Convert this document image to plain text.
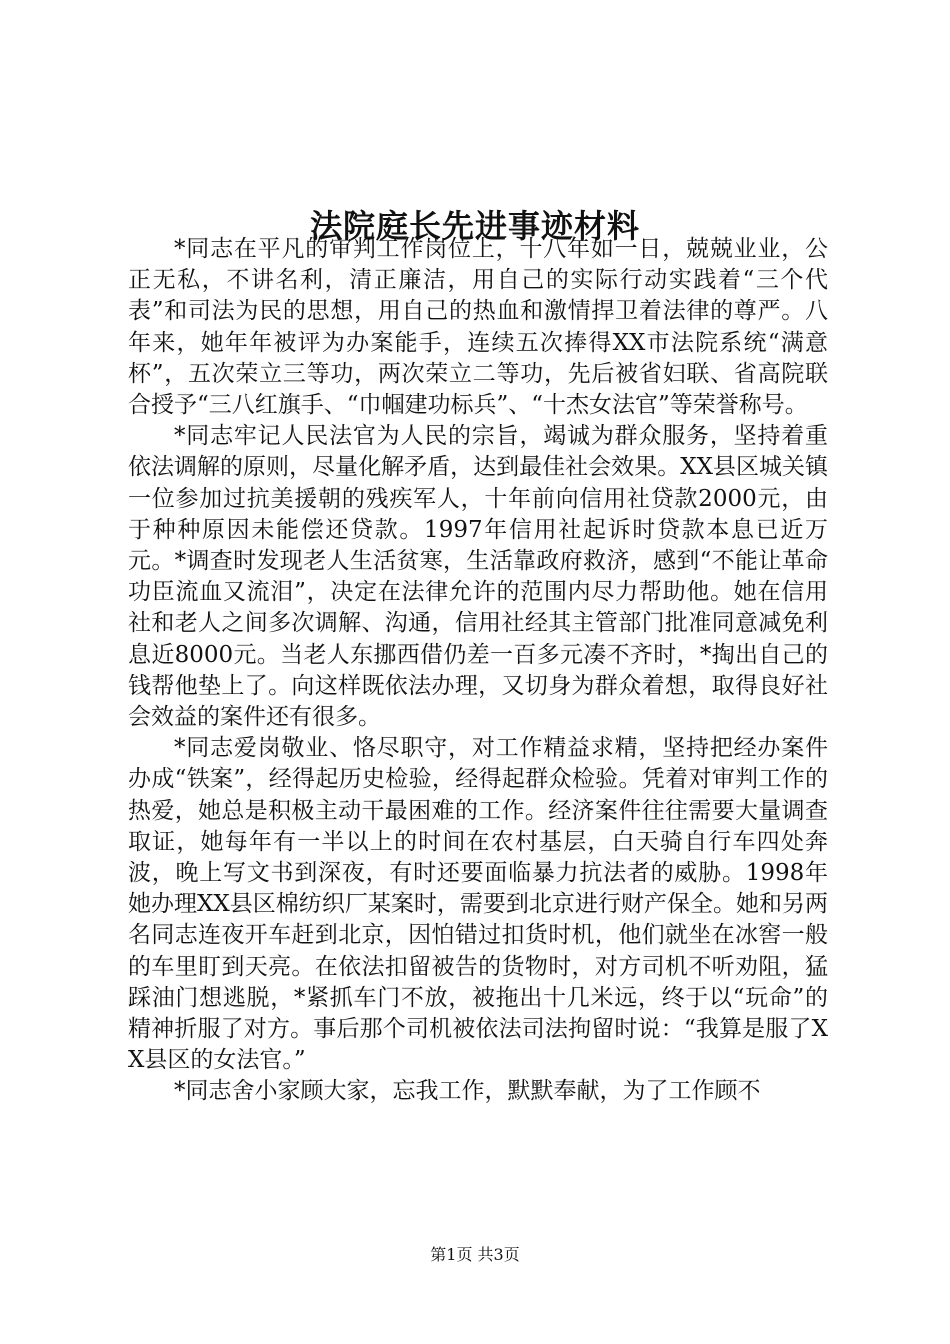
法院庭长先进事迹材料

*同志在平凡的审判工作岗位上，十八年如一日，兢兢业业，公正无私，不讲名利，清正廉洁，用自己的实际行动实践着“三个代表”和司法为民的思想，用自己的热血和激情捍卫着法律的尊严。八年来，她年年被评为办案能手，连续五次捧得XX市法院系统“满意杯”，五次荣立三等功，两次荣立二等功，先后被省妇联、省高院联合授予“三八红旗手、“巾帼建功标兵”、“十杰女法官”等荣誉称号。

*同志牢记人民法官为人民的宗旨，竭诚为群众服务，坚持着重依法调解的原则，尽量化解矛盾，达到最佳社会效果。XX县区城关镇一位参加过抗美援朝的残疾军人，十年前向信用社贷款2000元，由于种种原因未能偿还贷款。1997年信用社起诉时贷款本息已近万元。*调查时发现老人生活贫寒，生活靠政府救济，感到“不能让革命功臣流血又流泪”，决定在法律允许的范围内尽力帮助他。她在信用社和老人之间多次调解、沟通，信用社经其主管部门批准同意减免利息近8000元。当老人东挪西借仍差一百多元凑不齐时，*掏出自己的钱帮他垫上了。向这样既依法办理，又切身为群众着想，取得良好社会效益的案件还有很多。

*同志爱岗敬业、恪尽职守，对工作精益求精，坚持把经办案件办成“铁案”，经得起历史检验，经得起群众检验。凭着对审判工作的热爱，她总是积极主动干最困难的工作。经济案件往往需要大量调查取证，她每年有一半以上的时间在农村基层，白天骑自行车四处奔波，晚上写文书到深夜，有时还要面临暴力抗法者的威胁。1998年她办理XX县区棉纺织厂某案时，需要到北京进行财产保全。她和另两名同志连夜开车赶到北京，因怕错过扣货时机，他们就坐在冰窖一般的车里盯到天亮。在依法扣留被告的货物时，对方司机不听劝阻，猛踩油门想逃脱，*紧抓车门不放，被拖出十几米远，终于以“玩命”的精神折服了对方。事后那个司机被依法司法拘留时说：“我算是服了XX县区的女法官。”

*同志舍小家顾大家，忘我工作，默默奉献，为了工作顾不

第1页 共3页
